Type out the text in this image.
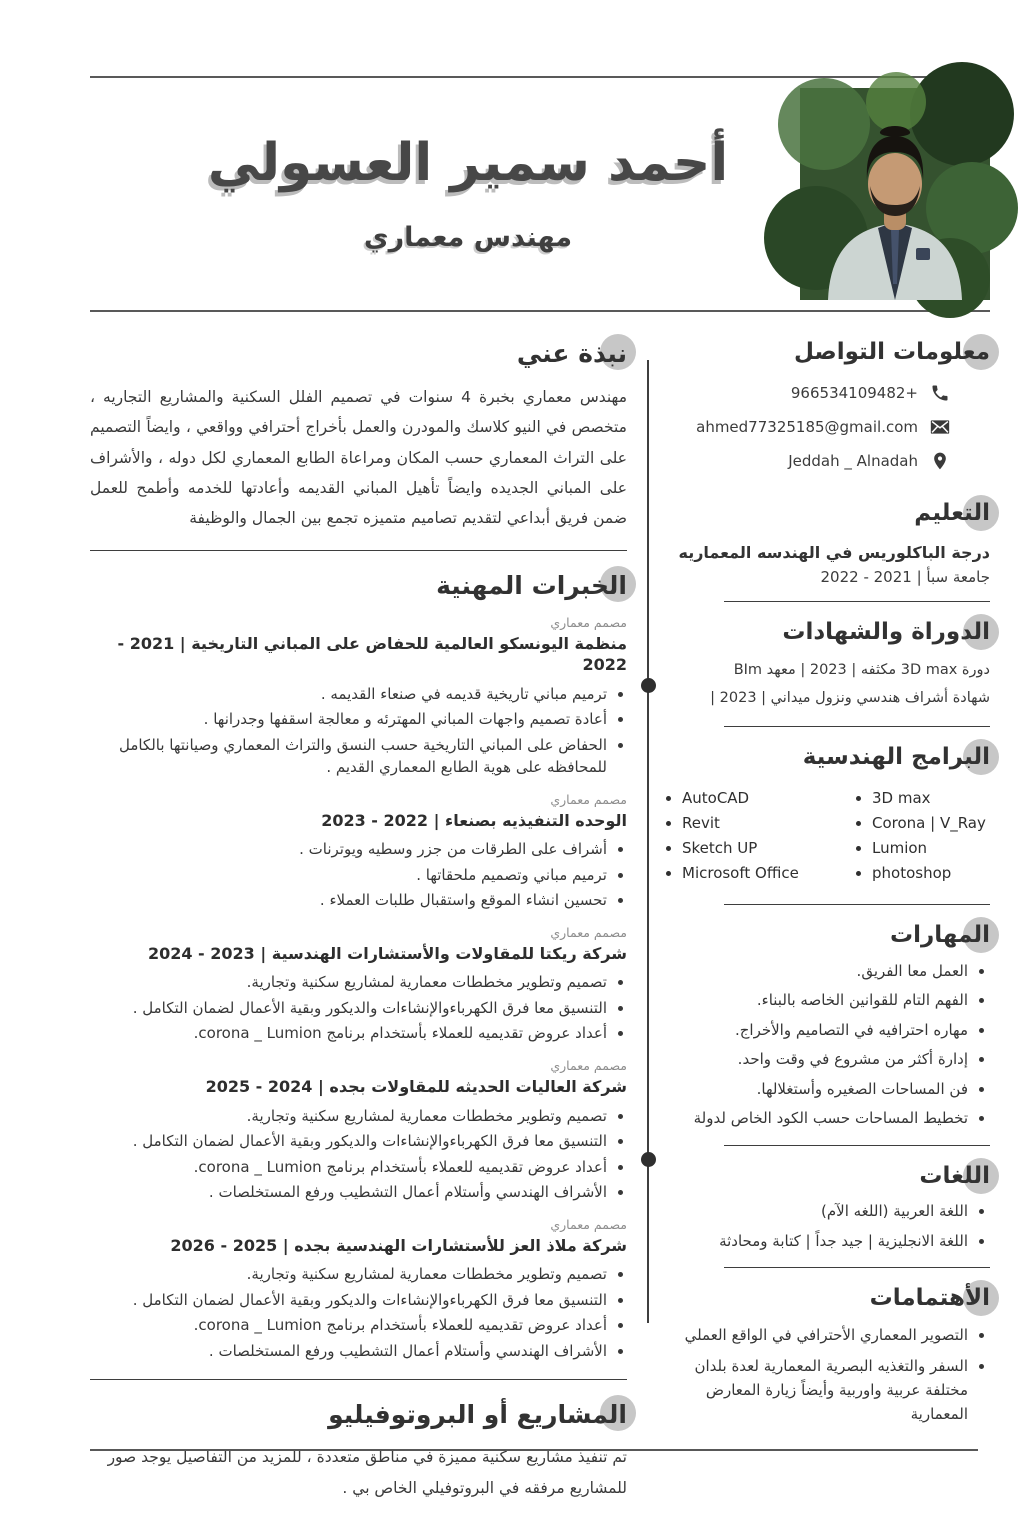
أحمد سمير العسولي
مهندس معماري
معلومات التواصل
+966534109482
ahmed77325185@gmail.com
Jeddah _ Alnadah
التعليم
درجة الباكلوريس في الهندسه المعماريه
جامعة سبأ | 2021 - 2022
الدوراة والشهادات
دورة 3D max مكثفه | 2023 | معهد BIm
شهادة أشراف هندسي ونزول ميداني | 2023 |
البرامج الهندسية
• AutoCAD
• Revit
• Sketch UP
• Microsoft Office
• 3D max
• Corona | V_Ray
• Lumion
• photoshop
المهارات
• العمل معا الفريق.
• الفهم التام للقوانين الخاصه بالبناء.
• مهاره احترافيه في التصاميم والأخراج.
• إدارة أكثر من مشروع في وقت واحد.
• فن المساحات الصغيره وأستغلالها.
• تخطيط المساحات حسب الكود الخاص لدولة
اللغات
• اللغة العربية (اللغه الآم)
• اللغة الانجليزية | جيد جداً | كتابة ومحادثة
الأهتمامات
• التصوير المعماري الأحترافي في الواقع العملي
• السفر والتغذيه البصرية المعمارية لعدة بلدان مختلفة عربية واوربية وأيضاً زيارة المعارض المعمارية
نبذة عني

مهندس معماري بخبرة 4 سنوات في تصميم الفلل السكنية والمشاريع التجاريه ، متخصص في النيو كلاسك والمودرن والعمل بأخراج أحترافي وواقعي ، وايضاً التصميم على التراث المعماري حسب المكان ومراعاة الطابع المعماري لكل دوله ، والأشراف على المباني الجديده وايضاً تأهيل المباني القديمه وأعادتها للخدمه وأطمح للعمل ضمن فريق أبداعي لتقديم تصاميم متميزه تجمع بين الجمال والوظيفة

الخبرات المهنية
مصمم معماري
منظمة اليونسكو العالمية للحفاض على المباني التاريخية | 2021 - 2022
• ترميم مباني تاريخية قديمه في صنعاء القديمه .
• أعادة تصميم واجهات المباني المهترئه و معالجة اسقفها وجدرانها .
• الحفاض على المباني التاريخية حسب النسق والتراث المعماري وصيانتها بالكامل للمحافظه على هوية الطابع المعماري القديم .
مصمم معماري
الوحده التنفيذيه بصنعاء | 2022 - 2023
• أشراف على الطرقات من جزر وسطيه ويوترنات .
• ترميم مباني وتصميم ملحقاتها .
• تحسين انشاء الموقع واستقبال طلبات العملاء .
مصمم معماري
شركة ريكتا للمقاولات والأستشارات الهندسية | 2023 - 2024
• تصميم وتطوير مخططات معمارية لمشاريع سكنية وتجارية.
• التنسيق معا فرق الكهرباءوالإنشاءات والديكور وبقية الأعمال لضمان التكامل .
• أعداد عروض تقديميه للعملاء بأستخدام برنامج corona _ Lumion.
مصمم معماري
شركة العاليات الحديثه للمقاولات بجده | 2024 - 2025
• تصميم وتطوير مخططات معمارية لمشاريع سكنية وتجارية.
• التنسيق معا فرق الكهرباءوالإنشاءات والديكور وبقية الأعمال لضمان التكامل .
• أعداد عروض تقديميه للعملاء بأستخدام برنامج corona _ Lumion.
• الأشراف الهندسي وأستلام أعمال التشطيب ورفع المستخلصات .
مصمم معماري
شركة ملاذ العز للأستشارات الهندسية بجده | 2025 - 2026
• تصميم وتطوير مخططات معمارية لمشاريع سكنية وتجارية.
• التنسيق معا فرق الكهرباءوالإنشاءات والديكور وبقية الأعمال لضمان التكامل .
• أعداد عروض تقديميه للعملاء بأستخدام برنامج corona _ Lumion.
• الأشراف الهندسي وأستلام أعمال التشطيب ورفع المستخلصات .
المشاريع أو البروتوفيليو

تم تنفيذ مشاريع سكنية مميزة في مناطق متعددة ، للمزيد من التفاصيل يوجد صور للمشاريع مرفقه في البروتوفيلي الخاص بي .
